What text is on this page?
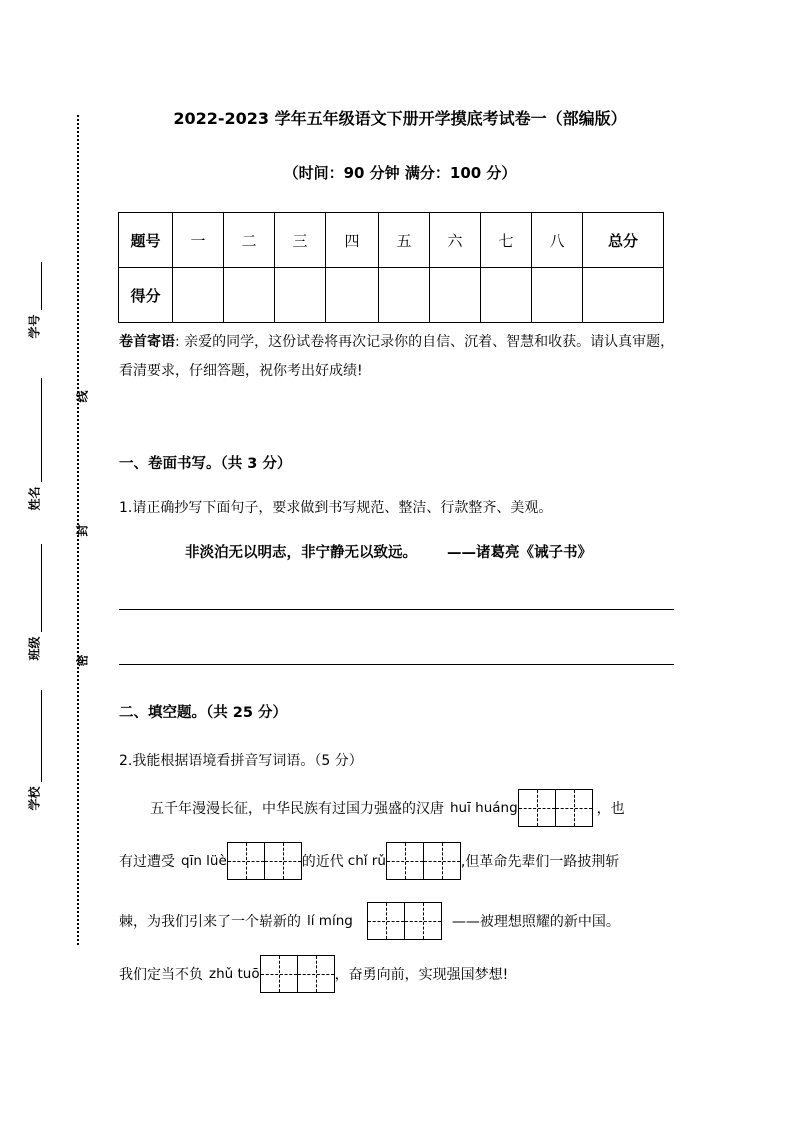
学号
姓名
班级
学校
线
封
密
2022-2023 学年五年级语文下册开学摸底考试卷一（部编版）
（时间：90 分钟 满分：100 分）
题号	一	二	三	四	五	六	七	八	总分
得分									
卷首寄语: 亲爱的同学，这份试卷将再次记录你的自信、沉着、智慧和收获。请认真审题，看清要求，仔细答题，祝你考出好成绩!
一、卷面书写。（共 3 分）
1.请正确抄写下面句子，要求做到书写规范、整洁、行款整齐、美观。
非淡泊无以明志，非宁静无以致远。 ——诸葛亮《诫子书》
二、填空题。（共 25 分）
2.我能根据语境看拼音写词语。（5 分）
五千年漫漫长征，中华民族有过国力强盛的汉唐 huī huáng	，也
有过遭受 qīn lüè	的近代 chǐ rǔ	,但革命先辈们一路披荆斩
棘，为我们引来了一个崭新的 lí míng	——被理想照耀的新中国。
我们定当不负 zhǔ tuō	，奋勇向前，实现强国梦想!
